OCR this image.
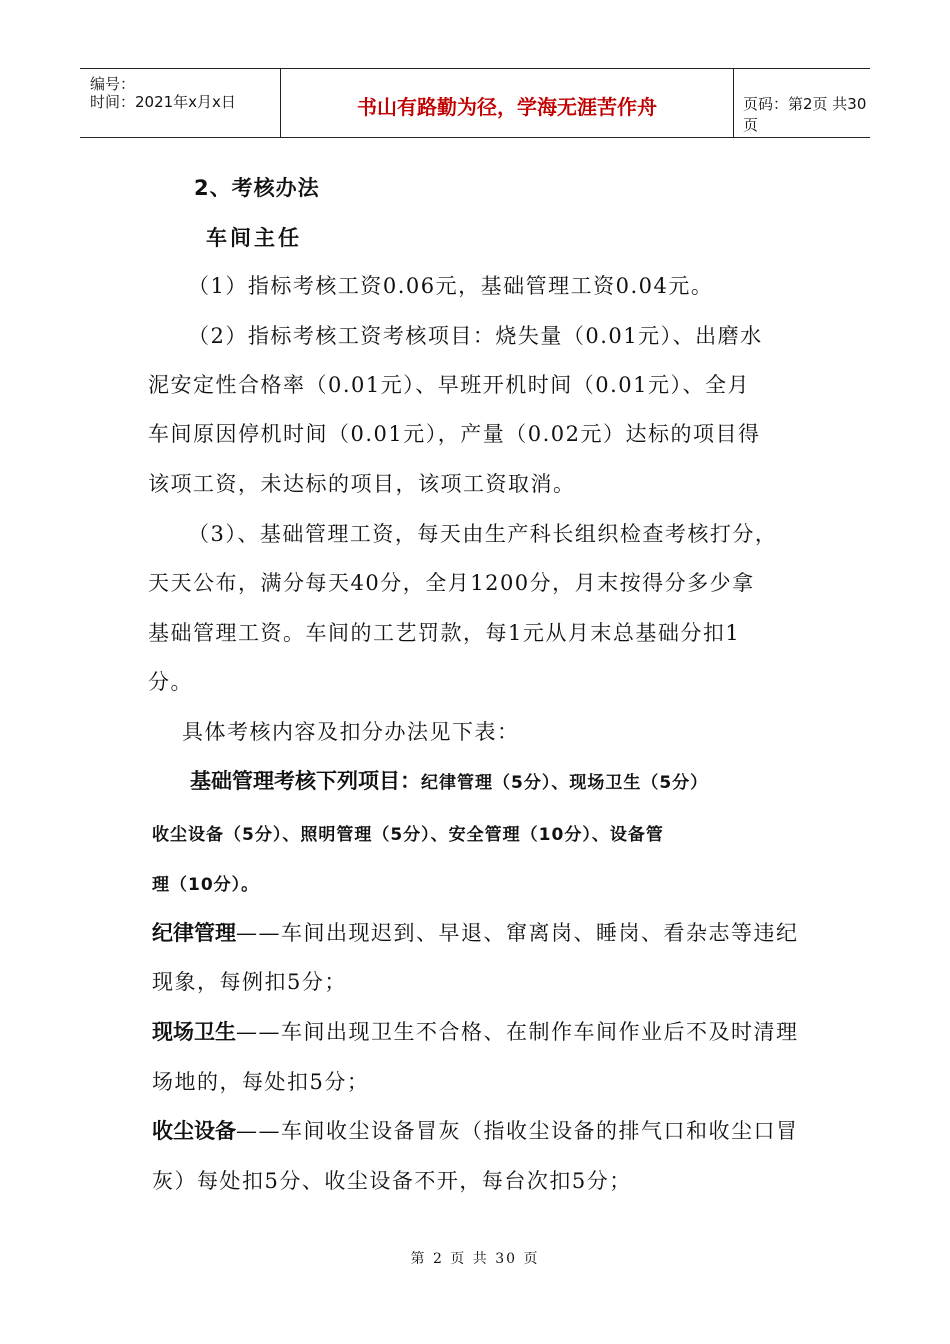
编号：
时间：2021年x月x日	书山有路勤为径，学海无涯苦作舟	页码：第2页 共30页
2、考核办法
车间主任
（1）指标考核工资0.06元，基础管理工资0.04元。
（2）指标考核工资考核项目：烧失量（0.01元）、出磨水
泥安定性合格率（0.01元）、早班开机时间（0.01元）、全月
车间原因停机时间（0.01元），产量（0.02元）达标的项目得
该项工资，未达标的项目，该项工资取消。
（3）、基础管理工资，每天由生产科长组织检查考核打分，
天天公布，满分每天40分，全月1200分，月末按得分多少拿
基础管理工资。车间的工艺罚款，每1元从月末总基础分扣1
分。
具体考核内容及扣分办法见下表：
基础管理考核下列项目：纪律管理（5分）、现场卫生（5分）
收尘设备（5分）、照明管理（5分）、安全管理（10分）、设备管
理（10分）。
纪律管理——车间出现迟到、早退、窜离岗、睡岗、看杂志等违纪
现象，每例扣5分；
现场卫生——车间出现卫生不合格、在制作车间作业后不及时清理
场地的，每处扣5分；
收尘设备——车间收尘设备冒灰（指收尘设备的排气口和收尘口冒
灰）每处扣5分、收尘设备不开，每台次扣5分；
第 2 页 共 30 页
